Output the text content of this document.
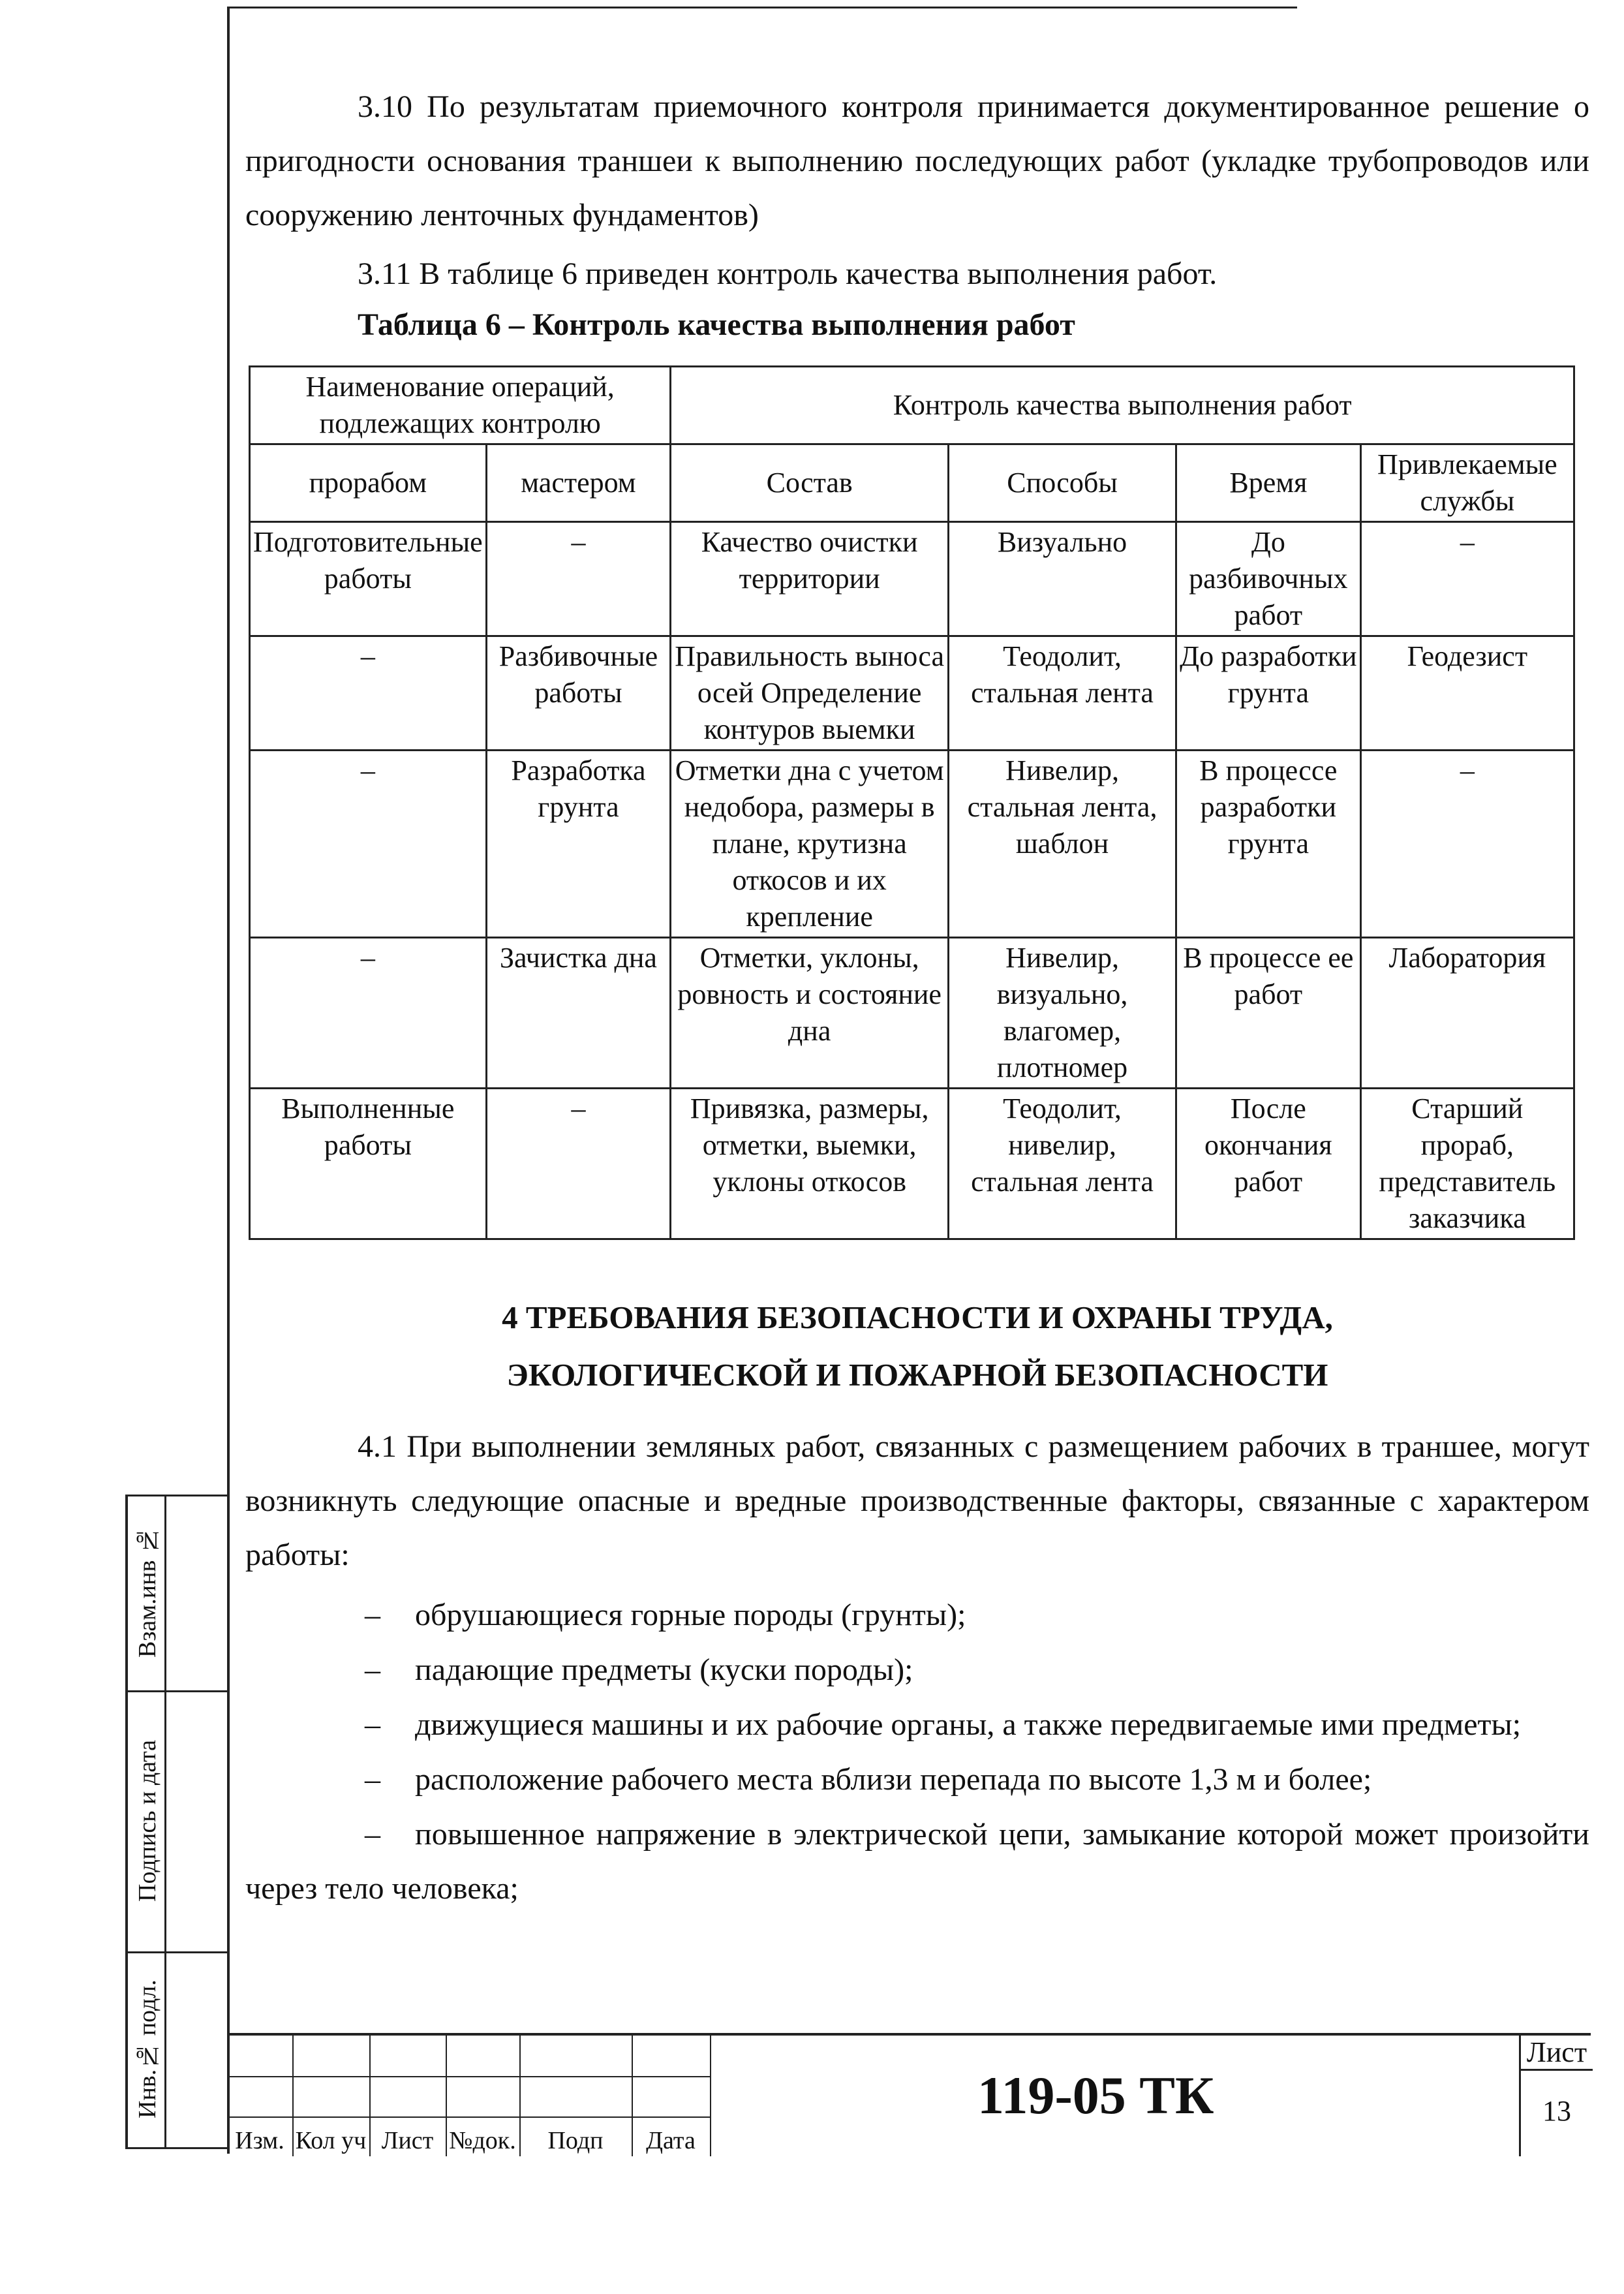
Взам.инв №
Подпись и дата
Инв.№ подл.

3.10 По результатам приемочного контроля принимается документированное решение о пригодности основания траншеи к выполнению последующих работ (укладке трубопроводов или сооружению ленточных фундаментов)

3.11 В таблице 6 приведен контроль качества выполнения работ.

Таблица 6 – Контроль качества выполнения работ
Наименование операций, подлежащих контролю		Контроль качества выполнения работ			
прорабом	мастером	Состав	Способы	Время	Привлекаемые службы
Подготовительные работы	–	Качество очистки территории	Визуально	До разбивочных работ	–
–	Разбивочные работы	Правильность выноса осей Определение контуров выемки	Теодолит, стальная лента	До разработки грунта	Геодезист
–	Разработка грунта	Отметки дна с учетом недобора, размеры в плане, крутизна откосов и их крепление	Нивелир, стальная лента, шаблон	В процессе разработки грунта	–
–	Зачистка дна	Отметки, уклоны, ровность и состояние дна	Нивелир, визуально, влагомер, плотномер	В процессе ее работ	Лаборатория
Выполненные работы	–	Привязка, размеры, отметки, выемки, уклоны откосов	Теодолит, нивелир, стальная лента	После окончания работ	Старший прораб, представитель заказчика
4 ТРЕБОВАНИЯ БЕЗОПАСНОСТИ И ОХРАНЫ ТРУДА,
ЭКОЛОГИЧЕСКОЙ И ПОЖАРНОЙ БЕЗОПАСНОСТИ

4.1 При выполнении земляных работ, связанных с размещением рабочих в траншее, могут возникнуть следующие опасные и вредные производственные факторы, связанные с характером работы:

– обрушающиеся горные породы (грунты);
– падающие предметы (куски породы);
– движущиеся машины и их рабочие органы, а также передвигаемые ими предметы;
– расположение рабочего места вблизи перепада по высоте 1,3 м и более;
– повышенное напряжение в электрической цепи, замыкание которой может произойти через тело человека;
Изм. Кол уч Лист №док.	Подп	Дата
119-05 ТК
Лист
13
